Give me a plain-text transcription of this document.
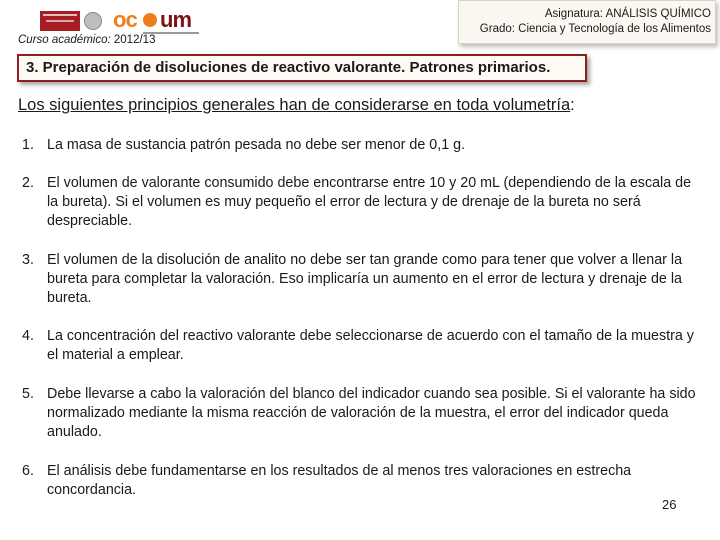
oc um
Curso académico: 2012/13
Asignatura: ANÁLISIS QUÍMICO
Grado: Ciencia y Tecnología de los Alimentos
3. Preparación de disoluciones de reactivo valorante. Patrones primarios.
Los siguientes principios generales han de considerarse en toda volumetría:
1. La masa de sustancia patrón pesada no debe ser menor de 0,1 g.
2. El volumen de valorante consumido debe encontrarse entre 10 y 20 mL (dependiendo de la escala de la bureta). Si el volumen es muy pequeño el error de lectura y de drenaje de la bureta no será despreciable.
3. El volumen de la disolución de analito no debe ser tan grande como para tener que volver a llenar la bureta para completar la valoración. Eso implicaría un aumento en el error de lectura y drenaje de la bureta.
4. La concentración del reactivo valorante debe seleccionarse de acuerdo con el tamaño de la muestra y el material a emplear.
5. Debe llevarse a cabo la valoración del blanco del indicador cuando sea posible. Si el valorante ha sido normalizado mediante la misma reacción de valoración de la muestra, el error del indicador queda anulado.
6. El análisis debe fundamentarse en los resultados de al menos tres valoraciones en estrecha concordancia.
26
